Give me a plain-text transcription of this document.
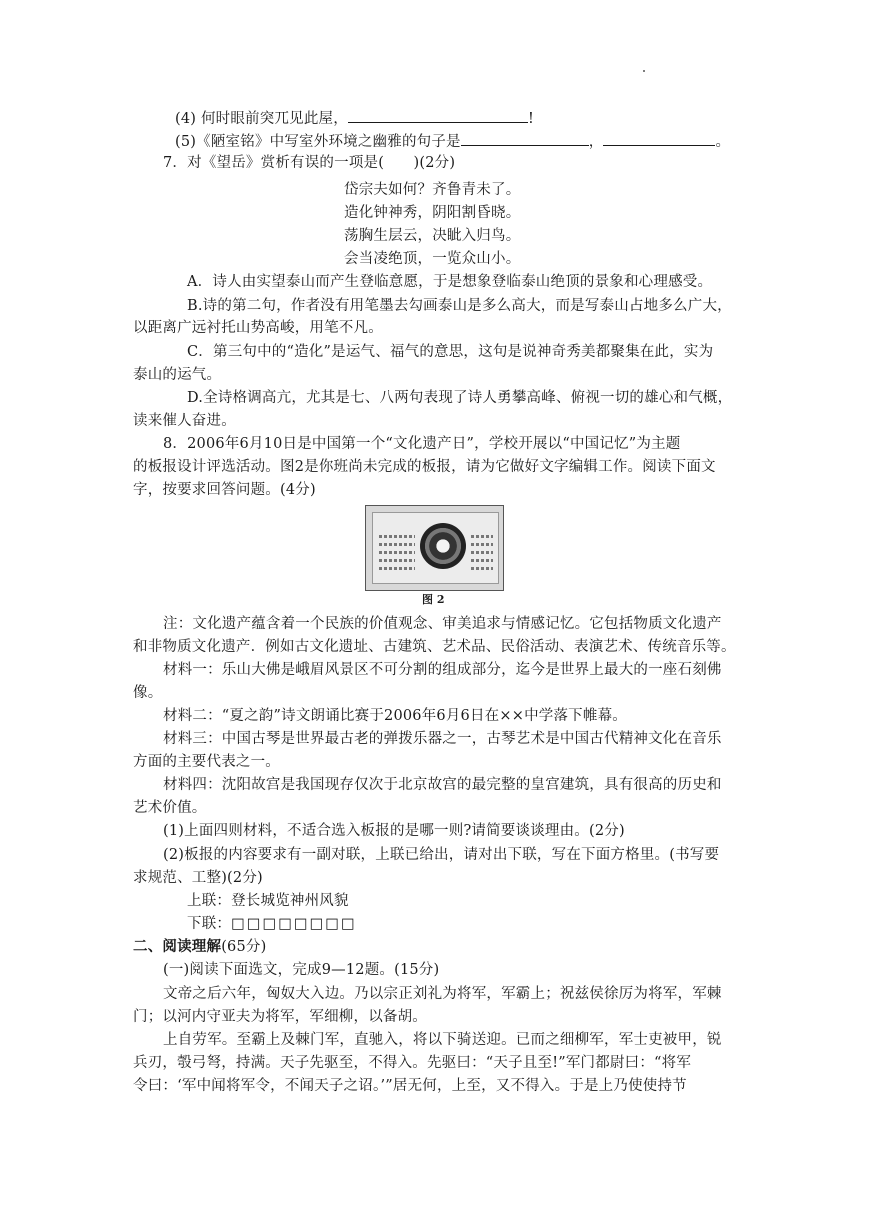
(4) 何时眼前突兀见此屋，	!
(5)《陋室铭》中写室外环境之幽雅的句子是	，	。
7．对《望岳》赏析有误的一项是(　　)(2分)
岱宗夫如何？齐鲁青未了。
造化钟神秀，阴阳割昏晓。
荡胸生层云，决眦入归鸟。
会当凌绝顶，一览众山小。
A．诗人由实望泰山而产生登临意愿，于是想象登临泰山绝顶的景象和心理感受。
B.诗的第二句，作者没有用笔墨去勾画泰山是多么高大，而是写泰山占地多么广大，
以距离广远衬托山势高峻，用笔不凡。
C．第三句中的“造化”是运气、福气的意思，这句是说神奇秀美都聚集在此，实为
泰山的运气。
D.全诗格调高亢，尤其是七、八两句表现了诗人勇攀高峰、俯视一切的雄心和气概，
读来催人奋进。
8．2006年6月10日是中国第一个“文化遗产日”，学校开展以“中国记忆”为主题
的板报设计评选活动。图2是你班尚未完成的板报，请为它做好文字编辑工作。阅读下面文
字，按要求回答问题。(4分)
图 2
注：文化遗产蕴含着一个民族的价值观念、审美追求与情感记忆。它包括物质文化遗产
和非物质文化遗产．例如古文化遗址、古建筑、艺术品、民俗活动、表演艺术、传统音乐等。
材料一：乐山大佛是峨眉风景区不可分割的组成部分，迄今是世界上最大的一座石刻佛
像。
材料二：“夏之韵”诗文朗诵比赛于2006年6月6日在××中学落下帷幕。
材料三：中国古琴是世界最古老的弹拨乐器之一，古琴艺术是中国古代精神文化在音乐
方面的主要代表之一。
材料四：沈阳故宫是我国现存仅次于北京故宫的最完整的皇宫建筑，具有很高的历史和
艺术价值。
(1)上面四则材料，不适合选入板报的是哪一则?请简要谈谈理由。(2分)
(2)板报的内容要求有一副对联，上联已给出，请对出下联，写在下面方格里。(书写要
求规范、工整)(2分)
上联：登长城览神州风貌
下联：□□□□□□□□
二、阅读理解(65分)
(一)阅读下面选文，完成9—12题。(15分)
文帝之后六年，匈奴大入边。乃以宗正刘礼为将军，军霸上；祝兹侯徐厉为将军，军棘
门；以河内守亚夫为将军，军细柳，以备胡。
上自劳军。至霸上及棘门军，直驰入，将以下骑送迎。已而之细柳军，军士吏被甲，锐
兵刃，彀弓弩，持满。天子先驱至，不得入。先驱曰：“天子且至!”军门都尉曰：“将军
令曰：‘军中闻将军令，不闻天子之诏。’”居无何，上至，又不得入。于是上乃使使持节
